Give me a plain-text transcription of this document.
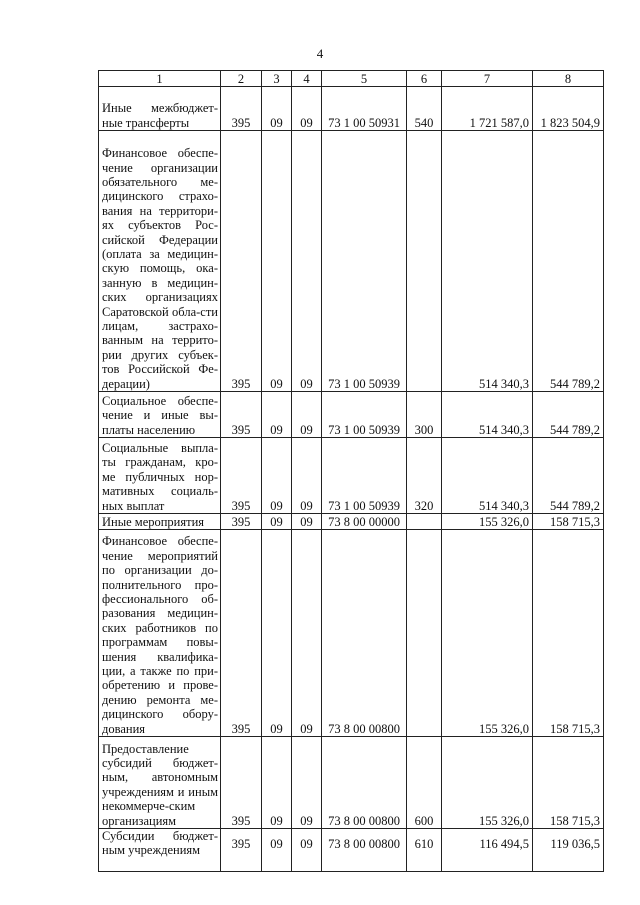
4
1	2	3	4	5	6	7	8
Иные межбюджет-ные трансферты	395	09	09	73 1 00 50931	540	1 721 587,0	1 823 504,9
Финансовое обеспе-чение организации обязательного ме-дицинского страхо-вания на территори-ях субъектов Рос-сийской Федерации (оплата за медицин-скую помощь, ока-занную в медицин-ских организациях Саратовской обла-сти лицам, застрахо-ванным на террито-рии других субъек-тов Российской Фе-дерации)	395	09	09	73 1 00 50939		514 340,3	544 789,2
Социальное обеспе-чение и иные вы-платы населению	395	09	09	73 1 00 50939	300	514 340,3	544 789,2
Социальные выпла-ты гражданам, кро-ме публичных нор-мативных социаль-ных выплат	395	09	09	73 1 00 50939	320	514 340,3	544 789,2
Иные мероприятия	395	09	09	73 8 00 00000		155 326,0	158 715,3
Финансовое обеспе-чение мероприятий по организации до-полнительного про-фессионального об-разования медицин-ских работников по программам повы-шения квалифика-ции, а также по при-обретению и прове-дению ремонта ме-дицинского обору-дования	395	09	09	73 8 00 00800		155 326,0	158 715,3
Предоставление субсидий бюджет-ным, автономным учреждениям и иным некоммерче-ским организациям	395	09	09	73 8 00 00800	600	155 326,0	158 715,3
Субсидии бюджет-ным учреждениям	395	09	09	73 8 00 00800	610	116 494,5	119 036,5
